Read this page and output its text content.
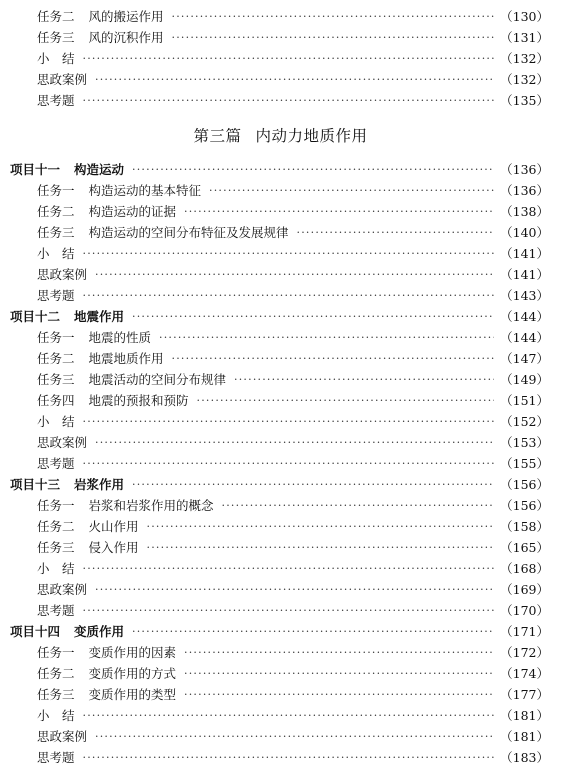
任务二 风的搬运作用 ·····	（130）
任务三 风的沉积作用 ·····	（131）
小　结 ·····	（132）
思政案例 ·····	（132）
思考题 ·····	（135）
第三篇 内动力地质作用
项目十一 构造运动 ·····	（136）
任务一 构造运动的基本特征 ·····	（136）
任务二 构造运动的证据 ·····	（138）
任务三 构造运动的空间分布特征及发展规律 ·····	（140）
小　结 ·····	（141）
思政案例 ·····	（141）
思考题 ·····	（143）
项目十二 地震作用 ·····	（144）
任务一 地震的性质 ·····	（144）
任务二 地震地质作用 ·····	（147）
任务三 地震活动的空间分布规律 ·····	（149）
任务四 地震的预报和预防 ·····	（151）
小　结 ·····	（152）
思政案例 ·····	（153）
思考题 ·····	（155）
项目十三 岩浆作用 ·····	（156）
任务一 岩浆和岩浆作用的概念 ·····	（156）
任务二 火山作用 ·····	（158）
任务三 侵入作用 ·····	（165）
小　结 ·····	（168）
思政案例 ·····	（169）
思考题 ·····	（170）
项目十四 变质作用 ·····	（171）
任务一 变质作用的因素 ·····	（172）
任务二 变质作用的方式 ·····	（174）
任务三 变质作用的类型 ·····	（177）
小　结 ·····	（181）
思政案例 ·····	（181）
思考题 ·····	（183）
